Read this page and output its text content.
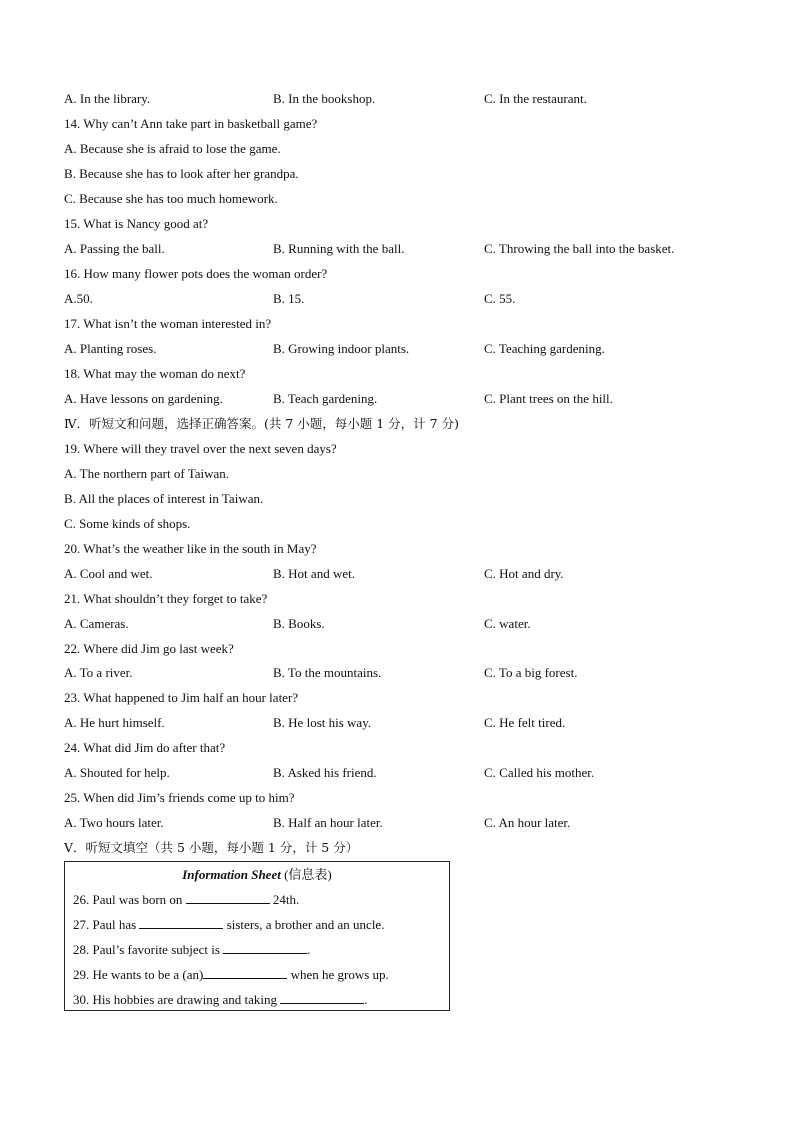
A. In the library.	B. In the bookshop.	C. In the restaurant.
14. Why can’t Ann take part in basketball game?
A. Because she is afraid to lose the game.
B. Because she has to look after her grandpa.
C. Because she has too much homework.
15. What is Nancy good at?
A. Passing the ball.	B. Running with the ball.	C. Throwing the ball into the basket.
16. How many flower pots does the woman order?
A.50.	B. 15.	C. 55.
17. What isn’t the woman interested in?
A. Planting roses.	B. Growing indoor plants.	C. Teaching gardening.
18. What may the woman do next?
A. Have lessons on gardening.	B. Teach gardening.	C. Plant trees on the hill.
Ⅳ．听短文和问题，选择正确答案。(共 7 小题，每小题 1 分，计 7 分)
19. Where will they travel over the next seven days?
A. The northern part of Taiwan.
B. All the places of interest in Taiwan.
C. Some kinds of shops.
20. What’s the weather like in the south in May?
A. Cool and wet.	B. Hot and wet.	C. Hot and dry.
21. What shouldn’t they forget to take?
A. Cameras.	B. Books.	C. water.
22. Where did Jim go last week?
A. To a river.	B. To the mountains.	C. To a big forest.
23. What happened to Jim half an hour later?
A. He hurt himself.	B. He lost his way.	C. He felt tired.
24. What did Jim do after that?
A. Shouted for help.	B. Asked his friend.	C. Called his mother.
25. When did Jim’s friends come up to him?
A. Two hours later.	B. Half an hour later.	C. An hour later.
Ⅴ．听短文填空（共 5 小题，每小题 1 分，计 5 分）
Information Sheet (信息表)
26. Paul was born on	24th.
27. Paul has	sisters, a brother and an uncle.
28. Paul’s favorite subject is	.
29. He wants to be a (an)	when he grows up.
30. His hobbies are drawing and taking	.
